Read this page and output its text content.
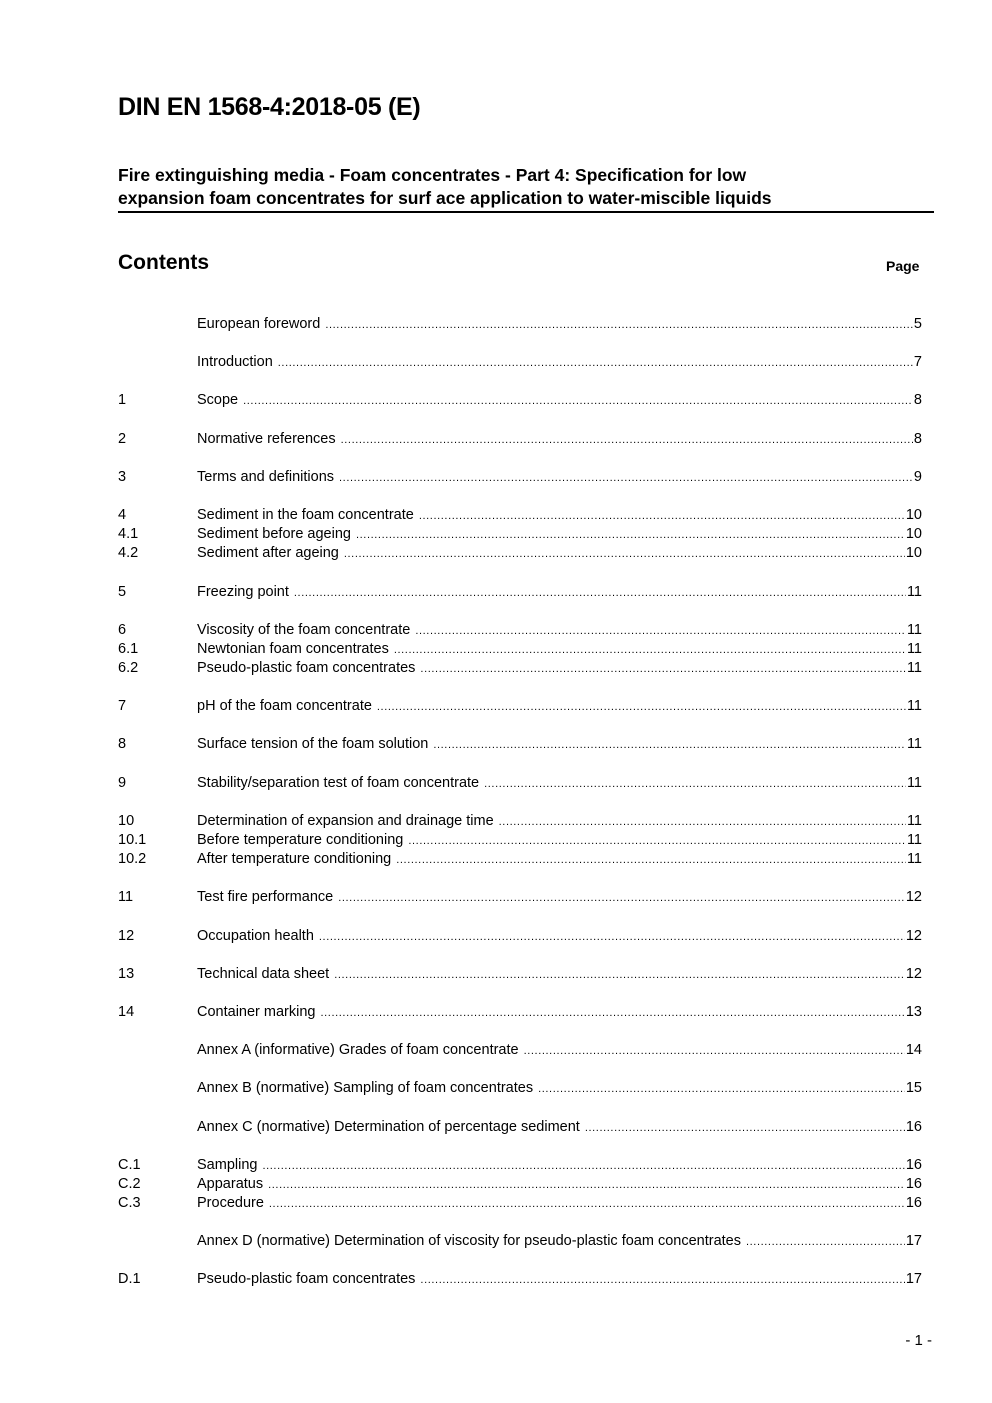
DIN EN 1568-4:2018-05 (E)
Fire extinguishing media - Foam concentrates - Part 4: Specification for low
expansion foam concentrates for surf ace application to water-miscible liquids
Contents	Page
European foreword .....	5
Introduction .....	7
1	Scope .....	8
2	Normative references .....	8
3	Terms and definitions .....	9
4	Sediment in the foam concentrate .....	10
4.1	Sediment before ageing .....	10
4.2	Sediment after ageing .....	10
5	Freezing point .....	11
6	Viscosity of the foam concentrate .....	11
6.1	Newtonian foam concentrates .....	11
6.2	Pseudo-plastic foam concentrates .....	11
7	pH of the foam concentrate .....	11
8	Surface tension of the foam solution .....	11
9	Stability/separation test of foam concentrate .....	11
10	Determination of expansion and drainage time .....	11
10.1	Before temperature conditioning .....	11
10.2	After temperature conditioning .....	11
11	Test fire performance .....	12
12	Occupation health .....	12
13	Technical data sheet .....	12
14	Container marking .....	13
Annex A (informative) Grades of foam concentrate .....	14
Annex B (normative) Sampling of foam concentrates .....	15
Annex C (normative) Determination of percentage sediment .....	16
C.1	Sampling .....	16
C.2	Apparatus .....	16
C.3	Procedure .....	16
Annex D (normative) Determination of viscosity for pseudo-plastic foam concentrates .....	17
D.1	Pseudo-plastic foam concentrates .....	17
- 1 -
